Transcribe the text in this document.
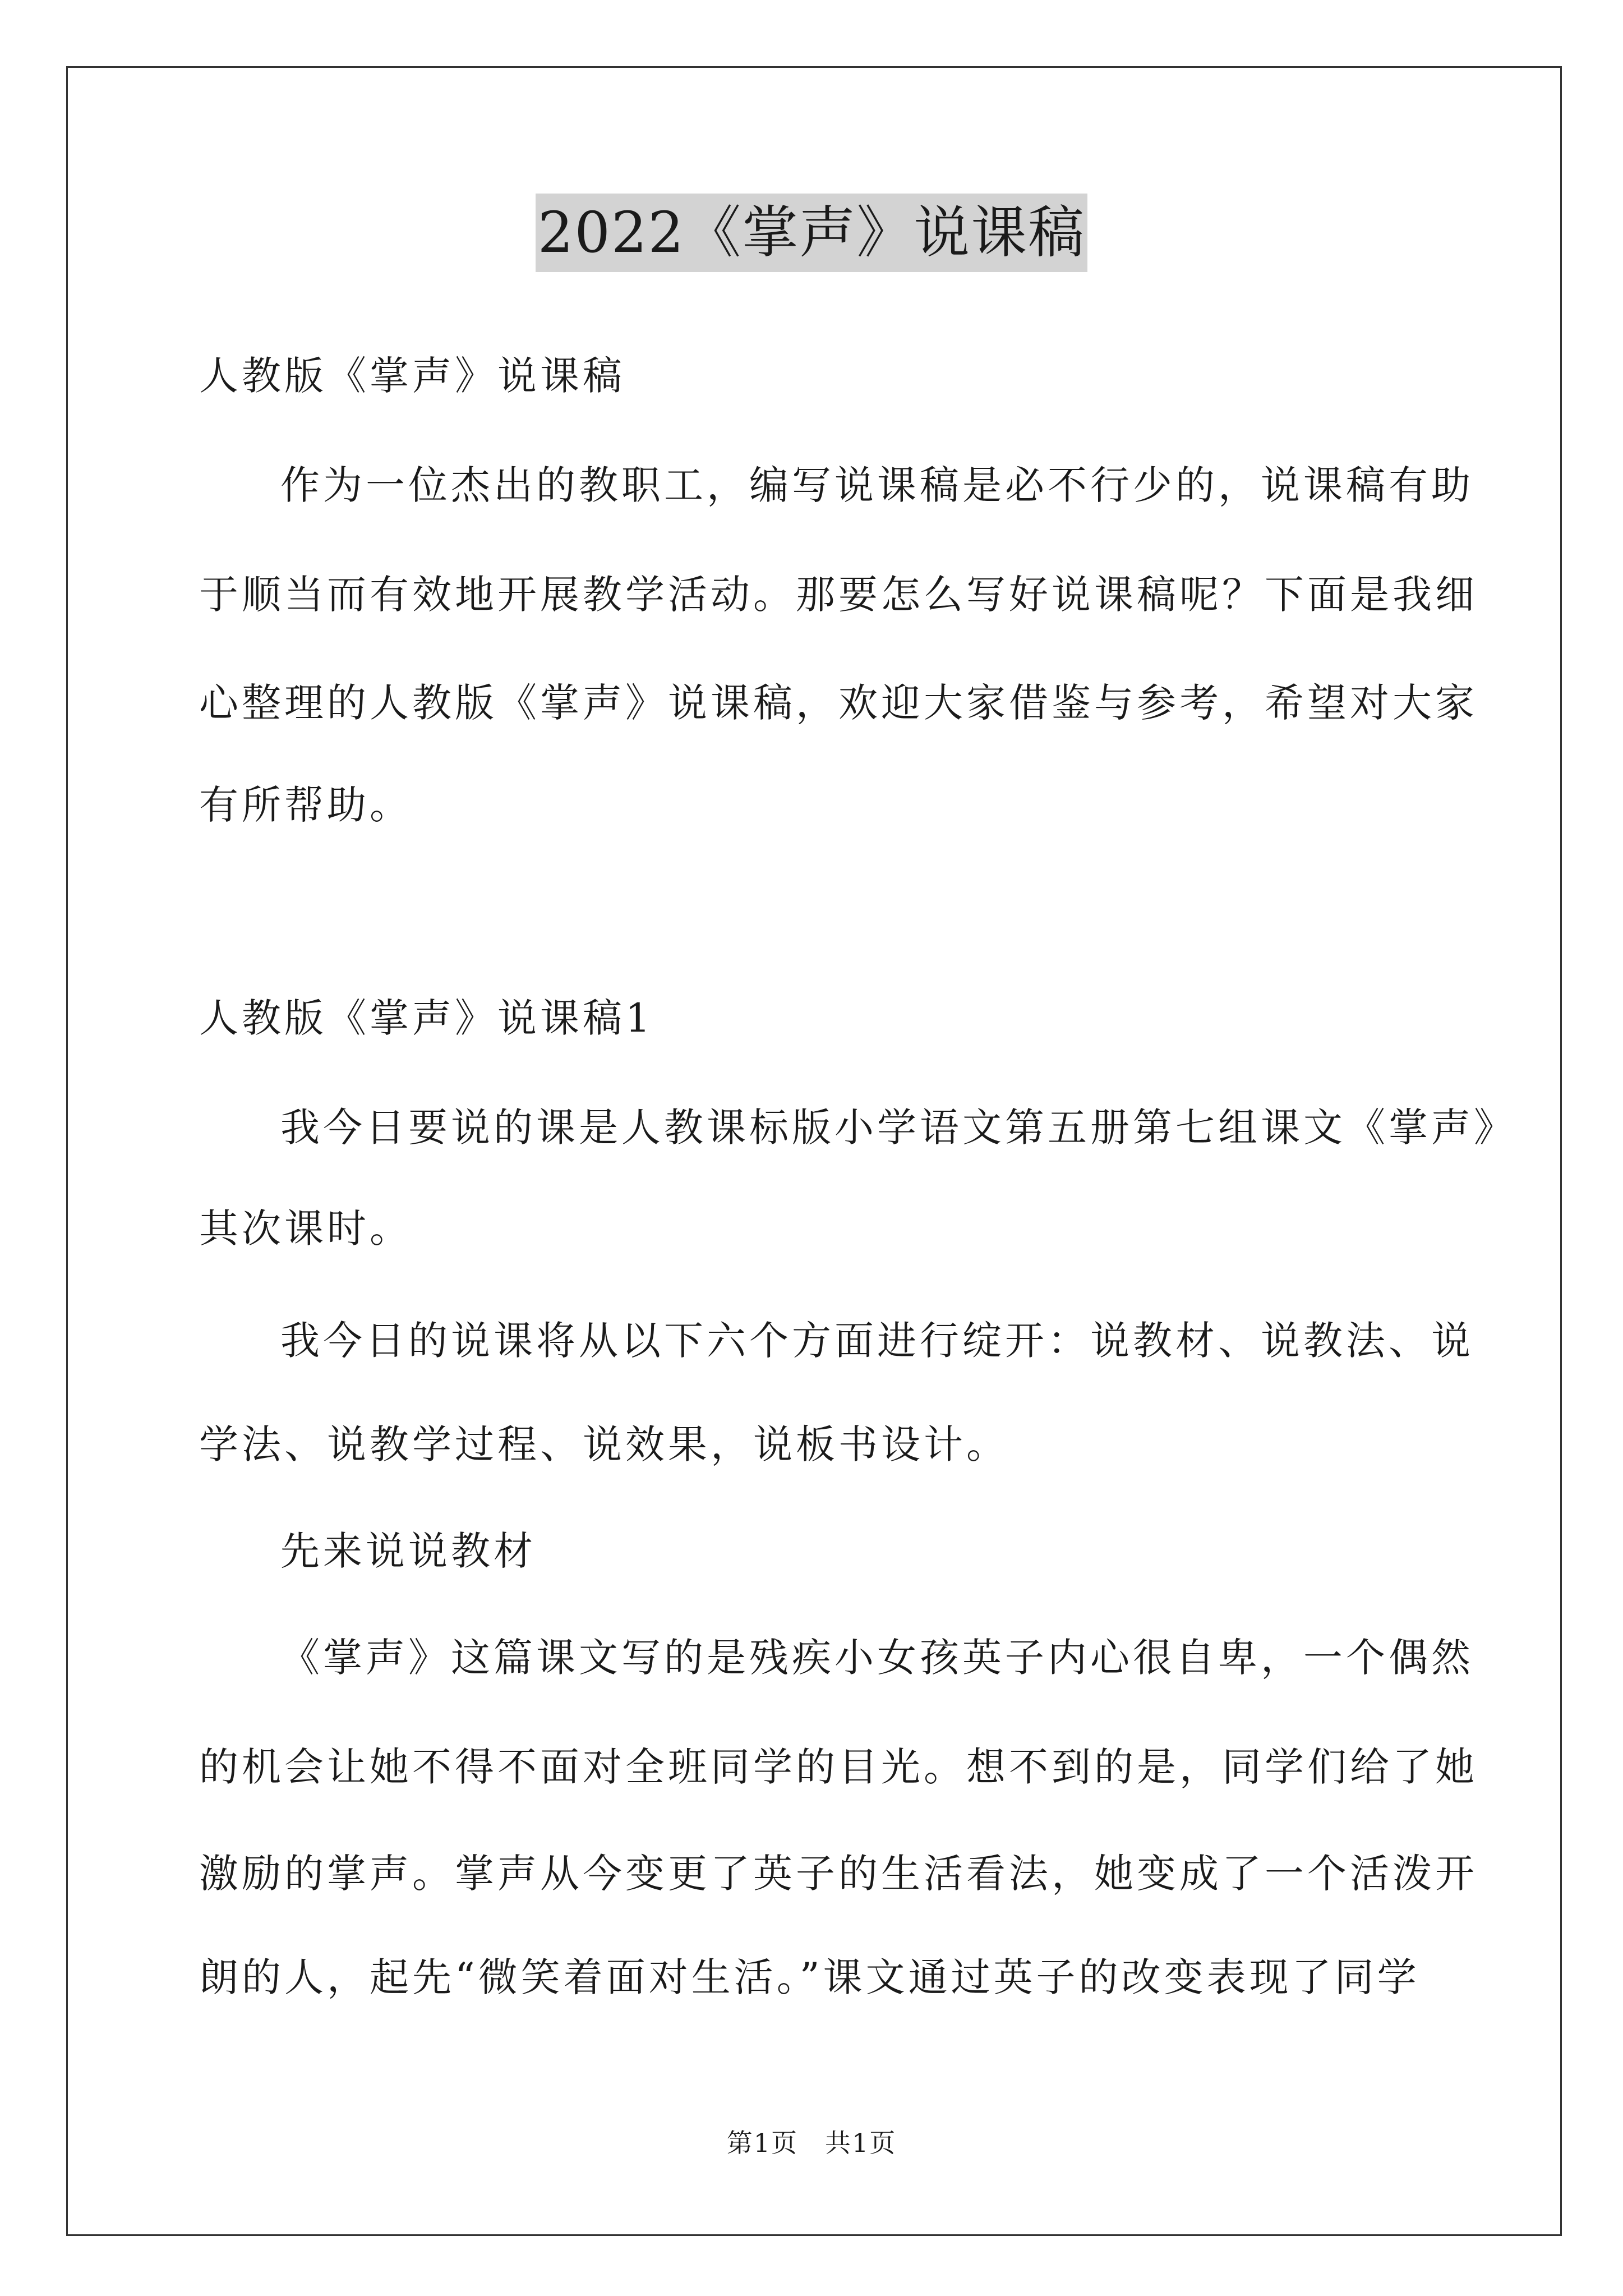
2022《掌声》说课稿
人教版《掌声》说课稿
作为一位杰出的教职工，编写说课稿是必不行少的，说课稿有助
于顺当而有效地开展教学活动。那要怎么写好说课稿呢？下面是我细
心整理的人教版《掌声》说课稿，欢迎大家借鉴与参考，希望对大家
有所帮助。
人教版《掌声》说课稿1
我今日要说的课是人教课标版小学语文第五册第七组课文《掌声》
其次课时。
我今日的说课将从以下六个方面进行绽开：说教材、说教法、说
学法、说教学过程、说效果，说板书设计。
先来说说教材
《掌声》这篇课文写的是残疾小女孩英子内心很自卑，一个偶然
的机会让她不得不面对全班同学的目光。想不到的是，同学们给了她
激励的掌声。掌声从今变更了英子的生活看法，她变成了一个活泼开
朗的人，起先“微笑着面对生活。”课文通过英子的改变表现了同学
第1页　共1页
